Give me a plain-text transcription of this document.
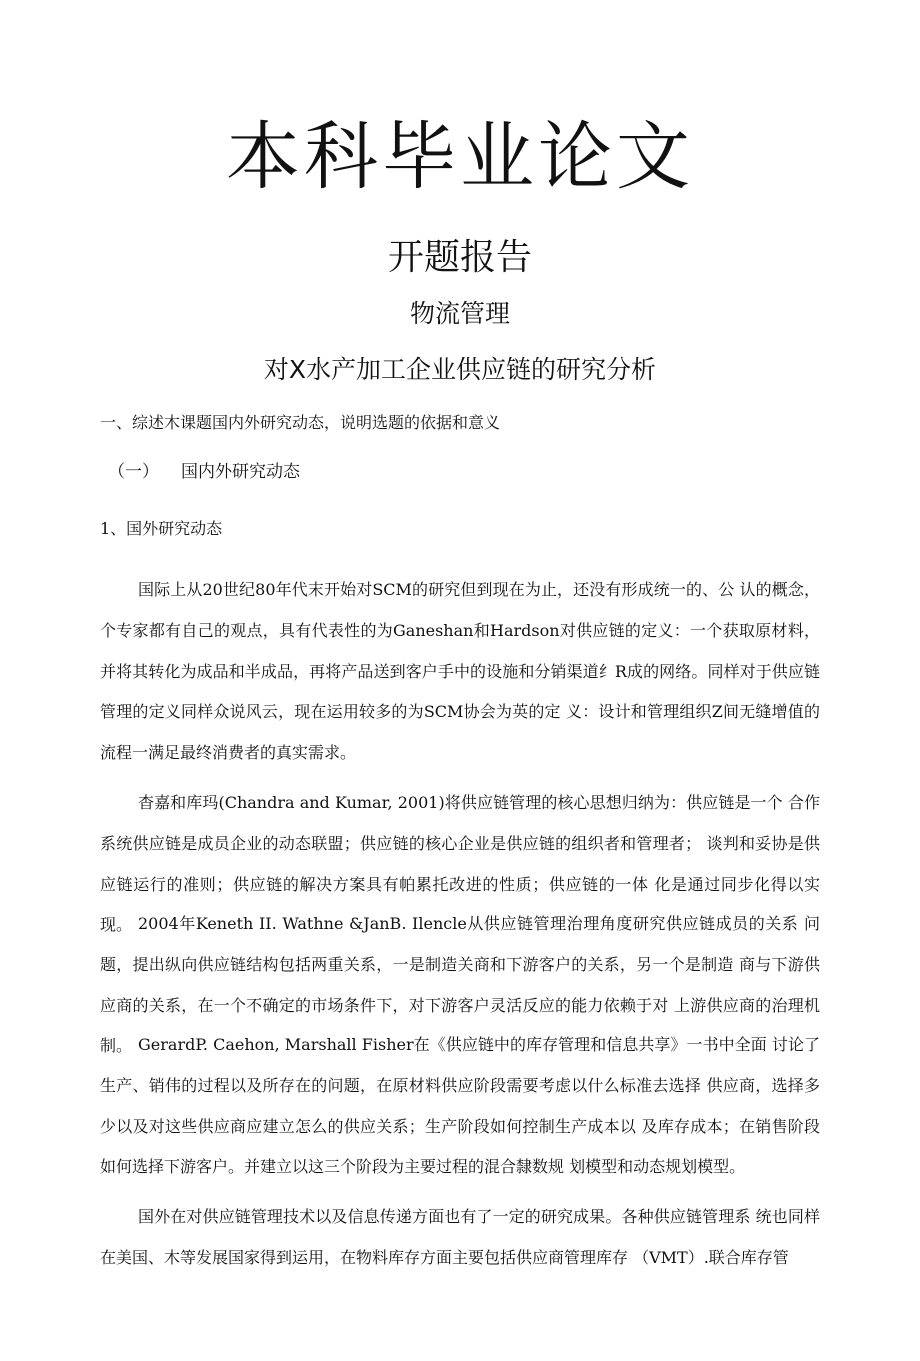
本科毕业论文
开题报告
物流管理
对X水产加工企业供应链的研究分析

一、综述木课题国内外研究动态，说明选题的依据和意义

（一） 国内外研究动态

1、国外研究动态

国际上从20世纪80年代末开始对SCM的研究但到现在为止，还没有形成统一的、公 认的概念，个专家都有自己的观点，具有代表性的为Ganeshan和Hardson对供应链的定义：一个获取原材料，并将其转化为成品和半成品，再将产品送到客户手中的设施和分销渠道纟R成的网络。同样对于供应链管理的定义同样众说风云，现在运用较多的为SCM协会为英的定 义：设计和管理组织Z间无缝增值的流程一满足最终消费者的真实需求。

杳嘉和库玛(Chandra and Kumar, 2001)将供应链管理的核心思想归纳为：供应链是一个 合作系统供应链是成员企业的动态联盟；供应链的核心企业是供应链的组织者和管理者； 谈判和妥协是供应链运行的准则；供应链的解决方案具有帕累托改进的性质；供应链的一体 化是通过同步化得以实现。 2004年Keneth II. Wathne &JanB. Ilencle从供应链管理治理角度研究供应链成员的关系 问题，提出纵向供应链结构包括两重关系，一是制造关商和下游客户的关系，另一个是制造 商与下游供应商的关系，在一个不确定的市场条件下，对下游客户灵活反应的能力依赖于对 上游供应商的治理机制。 GerardP. Caehon, Marshall Fisher在《供应链中的库存管理和信息共享》一书中全面 讨论了生产、销伟的过程以及所存在的问题，在原材料供应阶段需要考虑以什么标准去选择 供应商，选择多少以及对这些供应商应建立怎么的供应关系；生产阶段如何控制生产成本以 及库存成本；在销售阶段如何选择下游客户。并建立以这三个阶段为主要过程的混合隸数规 划模型和动态规划模型。

国外在对供应链管理技术以及信息传递方面也有了一定的研究成果。各种供应链管理系 统也同样在美国、木等发展国家得到运用，在物料库存方面主要包括供应商管理库存 （VMT）.联合库存管
